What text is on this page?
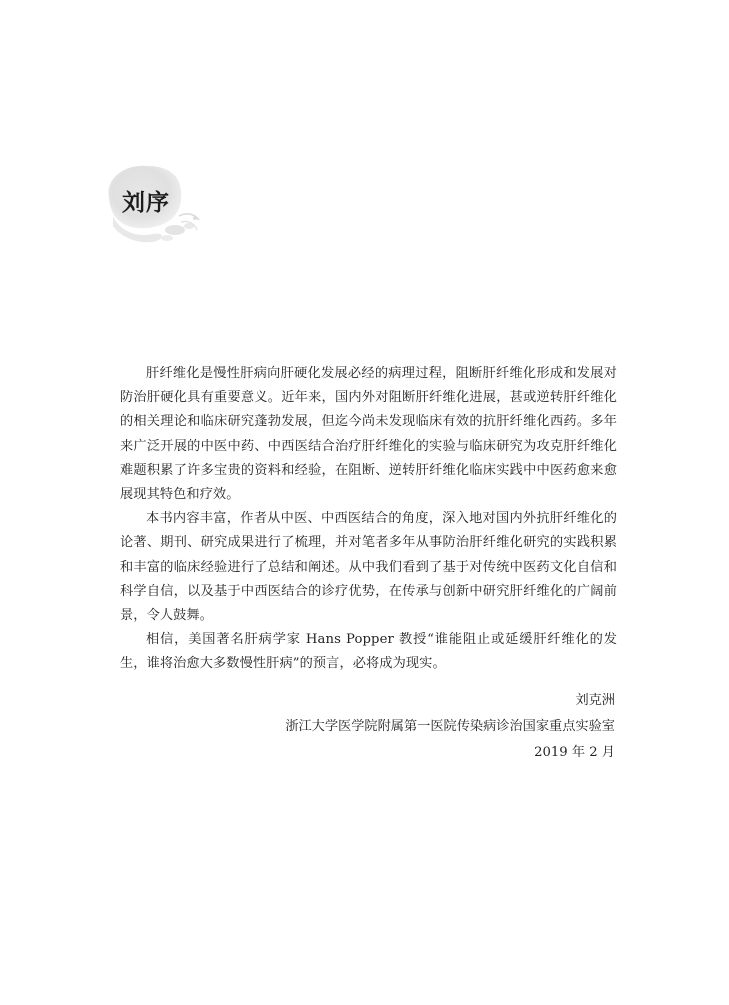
刘序

肝纤维化是慢性肝病向肝硬化发展必经的病理过程，阻断肝纤维化形成和发展对防治肝硬化具有重要意义。近年来，国内外对阻断肝纤维化进展，甚或逆转肝纤维化的相关理论和临床研究蓬勃发展，但迄今尚未发现临床有效的抗肝纤维化西药。多年来广泛开展的中医中药、中西医结合治疗肝纤维化的实验与临床研究为攻克肝纤维化难题积累了许多宝贵的资料和经验，在阻断、逆转肝纤维化临床实践中中医药愈来愈展现其特色和疗效。

本书内容丰富，作者从中医、中西医结合的角度，深入地对国内外抗肝纤维化的论著、期刊、研究成果进行了梳理，并对笔者多年从事防治肝纤维化研究的实践积累和丰富的临床经验进行了总结和阐述。从中我们看到了基于对传统中医药文化自信和科学自信，以及基于中西医结合的诊疗优势，在传承与创新中研究肝纤维化的广阔前景，令人鼓舞。

相信，美国著名肝病学家 Hans Popper 教授“谁能阻止或延缓肝纤维化的发生，谁将治愈大多数慢性肝病”的预言，必将成为现实。

刘克洲
浙江大学医学院附属第一医院传染病诊治国家重点实验室
2019 年 2 月
